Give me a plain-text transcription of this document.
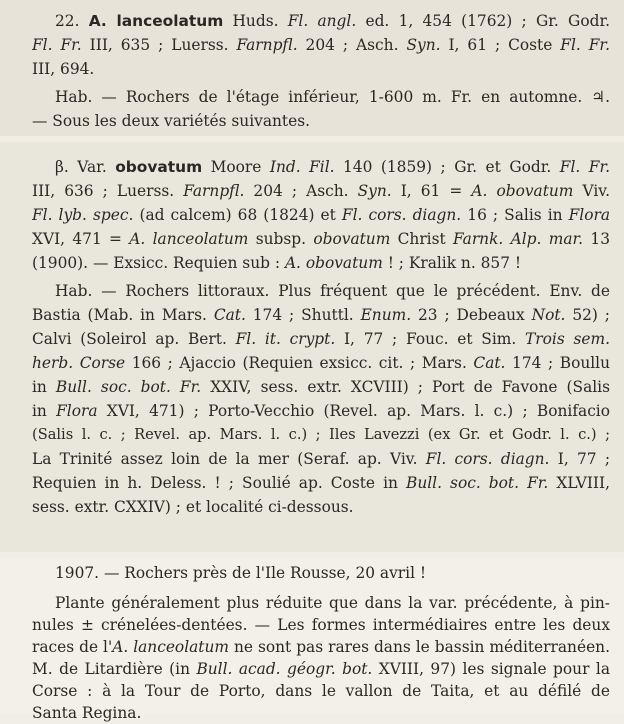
22. A. lanceolatum Huds. Fl. angl. ed. 1, 454 (1762) ; Gr. Godr.
Fl. Fr. III, 635 ; Luerss. Farnpfl. 204 ; Asch. Syn. I, 61 ; Coste Fl. Fr.
III, 694.
Hab. — Rochers de l'étage inférieur, 1-600 m. Fr. en automne. ♃.
— Sous les deux variétés suivantes.
β. Var. obovatum Moore Ind. Fil. 140 (1859) ; Gr. et Godr. Fl. Fr.
III, 636 ; Luerss. Farnpfl. 204 ; Asch. Syn. I, 61 = A. obovatum Viv.
Fl. lyb. spec. (ad calcem) 68 (1824) et Fl. cors. diagn. 16 ; Salis in Flora
XVI, 471 = A. lanceolatum subsp. obovatum Christ Farnk. Alp. mar. 13
(1900). — Exsicc. Requien sub : A. obovatum ! ; Kralik n. 857 !
Hab. — Rochers littoraux. Plus fréquent que le précédent. Env. de
Bastia (Mab. in Mars. Cat. 174 ; Shuttl. Enum. 23 ; Debeaux Not. 52) ;
Calvi (Soleirol ap. Bert. Fl. it. crypt. I, 77 ; Fouc. et Sim. Trois sem.
herb. Corse 166 ; Ajaccio (Requien exsicc. cit. ; Mars. Cat. 174 ; Boullu
in Bull. soc. bot. Fr. XXIV, sess. extr. XCVIII) ; Port de Favone (Salis
in Flora XVI, 471) ; Porto-Vecchio (Revel. ap. Mars. l. c.) ; Bonifacio
(Salis l. c. ; Revel. ap. Mars. l. c.) ; Iles Lavezzi (ex Gr. et Godr. l. c.) ;
La Trinité assez loin de la mer (Seraf. ap. Viv. Fl. cors. diagn. I, 77 ;
Requien in h. Deless. ! ; Soulié ap. Coste in Bull. soc. bot. Fr. XLVIII,
sess. extr. CXXIV) ; et localité ci-dessous.
1907. — Rochers près de l'Ile Rousse, 20 avril !
Plante généralement plus réduite que dans la var. précédente, à pin-
nules ± crénelées-dentées. — Les formes intermédiaires entre les deux
races de l'A. lanceolatum ne sont pas rares dans le bassin méditerranéen.
M. de Litardière (in Bull. acad. géogr. bot. XVIII, 97) les signale pour la
Corse : à la Tour de Porto, dans le vallon de Taita, et au défilé de
Santa Regina.
